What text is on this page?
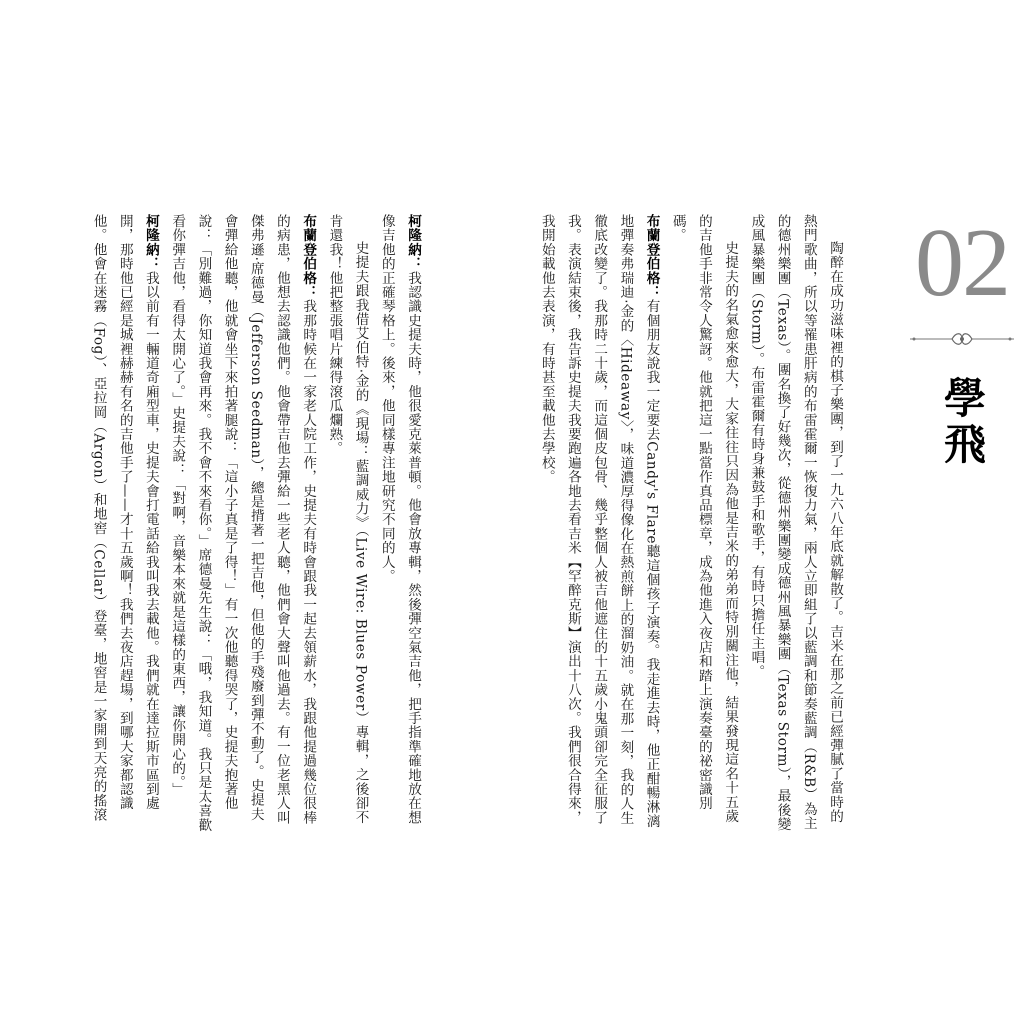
02
學飛

陶醉在成功滋味裡的棋子樂團，到了一九六八年底就解散了。吉米在那之前已經彈膩了當時的熱門歌曲，所以等罹患肝病的布雷霍爾一恢復力氣，兩人立即組了以藍調和節奏藍調（R&B）為主的德州樂團（Texas）。團名換了好幾次，從德州樂團變成德州風暴樂團（Texas Storm），最後變成風暴樂團（Storm）。布雷霍爾有時身兼鼓手和歌手，有時只擔任主唱。

史提夫的名氣愈來愈大，大家往往只因為他是吉米的弟弟而特別關注他，結果發現這名十五歲的吉他手非常令人驚訝。他就把這一點當作真品標章，成為他進入夜店和踏上演奏臺的祕密識別碼。

布蘭登伯格：有個朋友說我一定要去Candy's Flare聽這個孩子演奏。我走進去時，他正酣暢淋漓地彈奏弗瑞迪‧金的〈Hideaway〉，味道濃厚得像化在熱煎餅上的溜奶油。就在那一刻，我的人生徹底改變了。我那時二十歲，而這個皮包骨、幾乎整個人被吉他遮住的十五歲小鬼頭卻完全征服了我。表演結束後，我告訴史提夫我要跑遍各地去看吉米【罕醉克斯】演出十八次。我們很合得來，我開始載他去表演，有時甚至載他去學校。

柯隆納：我認識史提夫時，他很愛克萊普頓。他會放專輯，然後彈空氣吉他，把手指準確地放在想像吉他的正確琴格上。後來，他同樣專注地研究不同的人。

史提夫跟我借艾伯特‧金的《現場：藍調威力》（Live Wire: Blues Power）專輯，之後卻不肯還我！他把整張唱片練得滾瓜爛熟。

布蘭登伯格：我那時候在一家老人院工作，史提夫有時會跟我一起去領薪水，我跟他提過幾位很棒的病患，他想去認識他們。他會帶吉他去彈給一些老人聽，他們會大聲叫他過去。有一位老黑人叫傑弗遜‧席德曼（Jefferson Seedman），總是揹著一把吉他，但他的手殘廢到彈不動了。史提夫會彈給他聽，他就會坐下來拍著腿說：「這小子真是了得！」有一次他聽得哭了，史提夫抱著他說：「別難過，你知道我會再來。我不會不來看你。」席德曼先生說：「哦，我知道。我只是太喜歡看你彈吉他，看得太開心了。」史提夫說：「對啊，音樂本來就是這樣的東西，讓你開心的。」

柯隆納：我以前有一輛道奇廂型車，史提夫會打電話給我叫我去載他。我們就在達拉斯市區到處開，那時他已經是城裡赫赫有名的吉他手了——才十五歲啊！我們去夜店趕場，到哪大家都認識他。他會在迷霧（Fog）、亞拉岡（Argon）和地窖（Cellar）登臺，地窖是一家開到天亮的搖滾
